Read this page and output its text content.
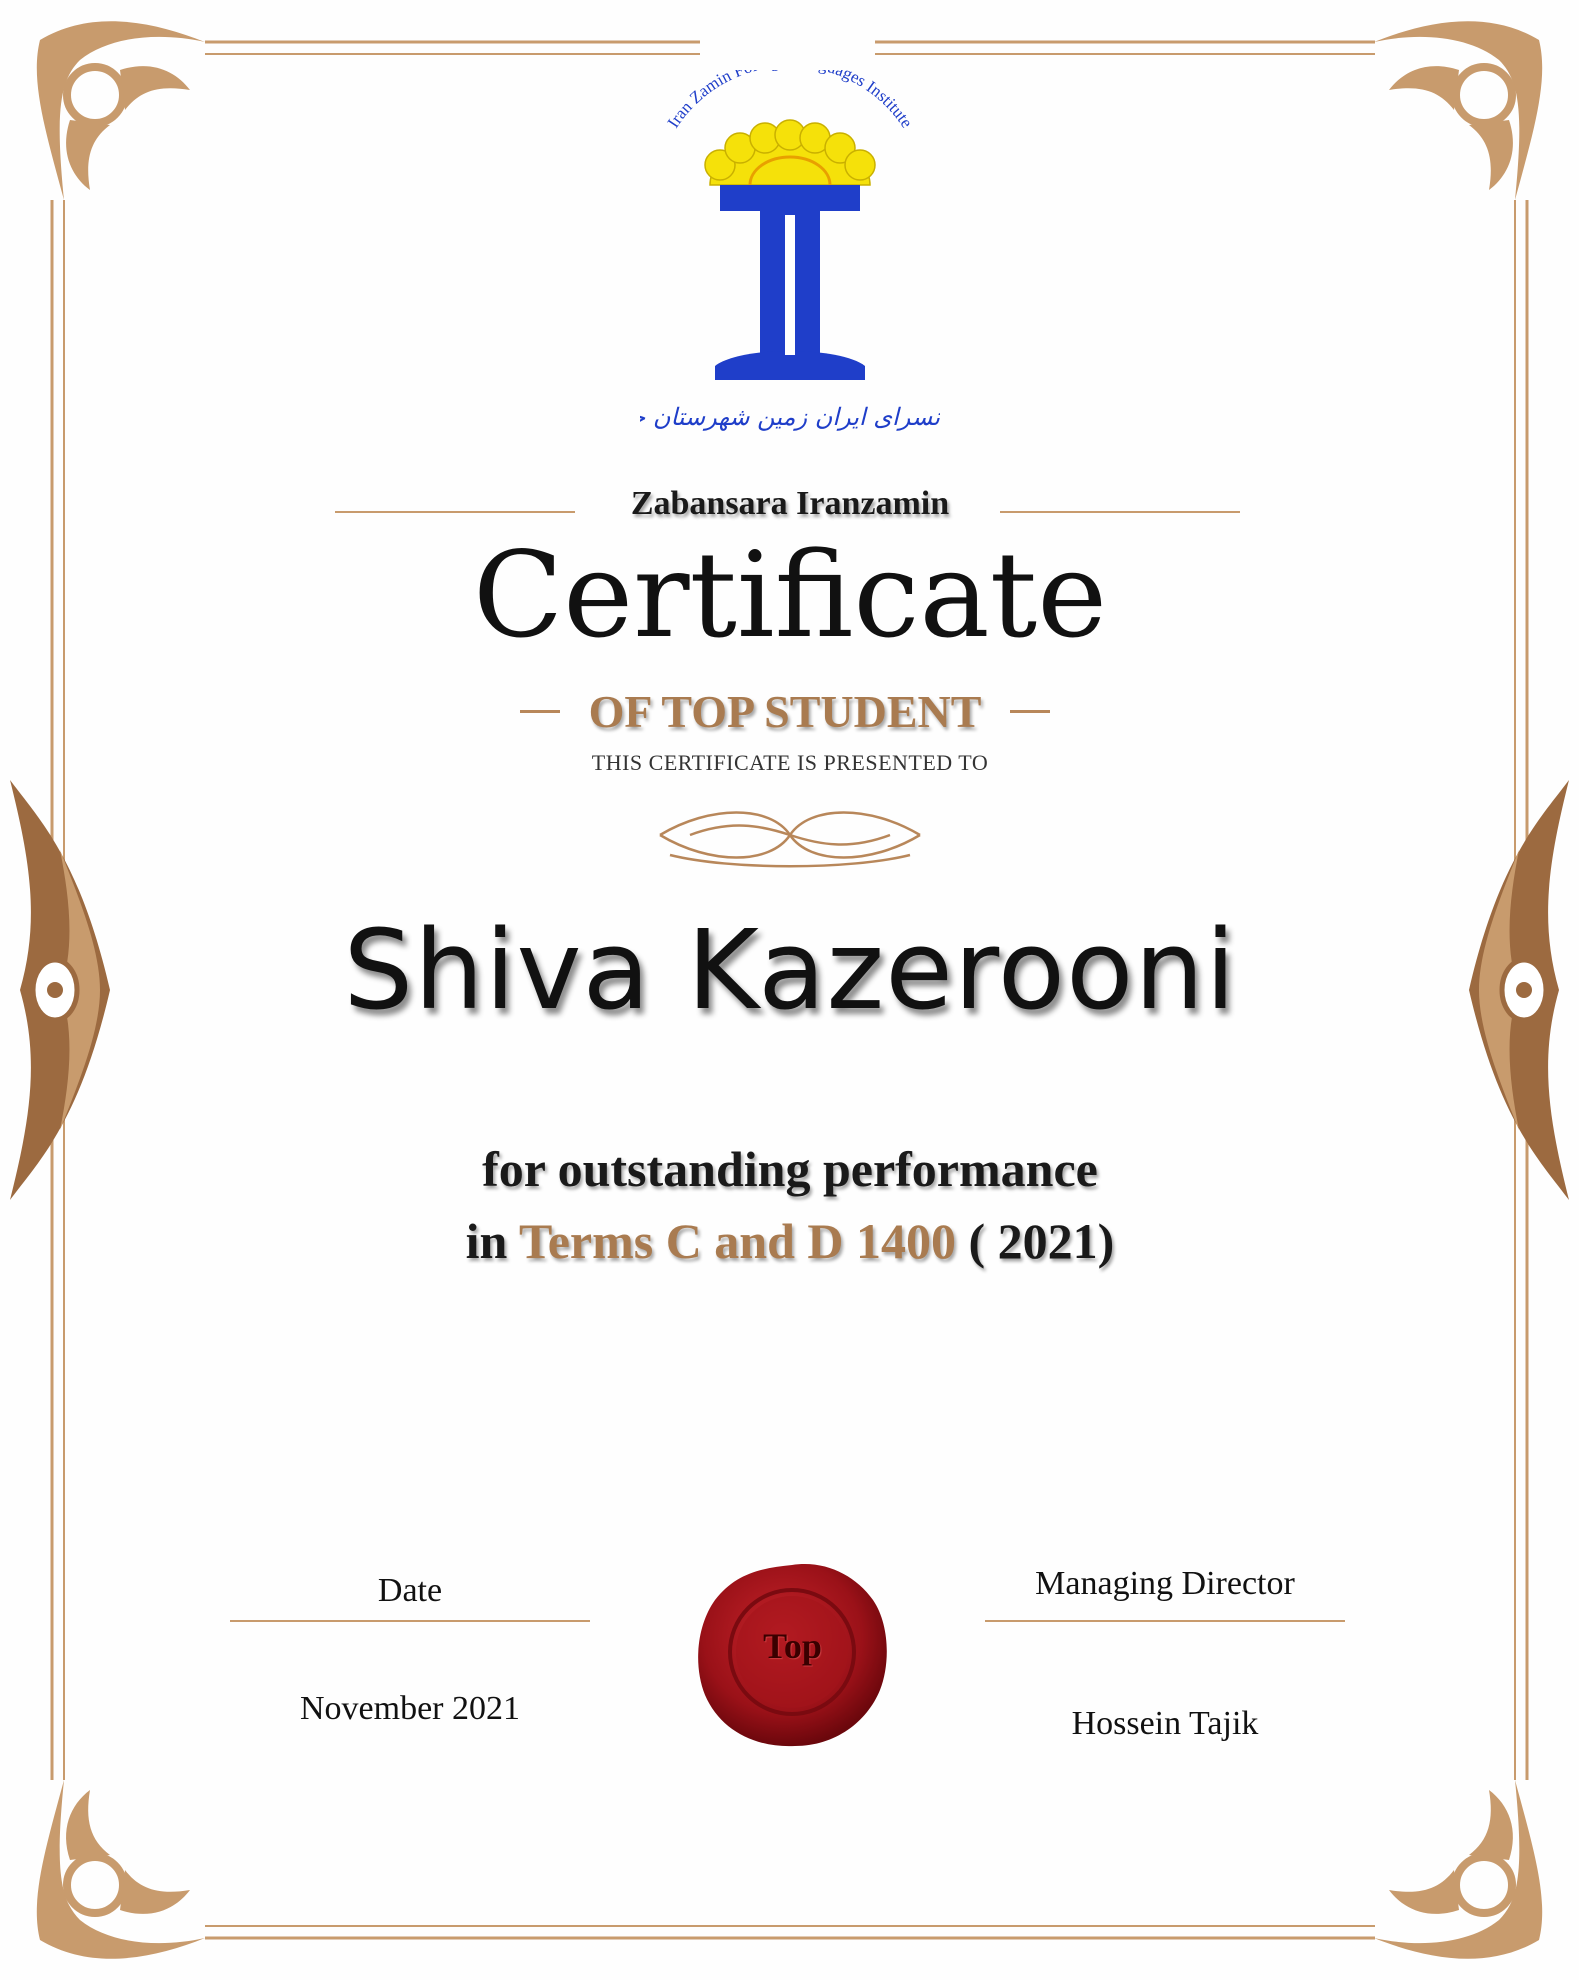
Iran Zamin F ages Institute
نسرای ایران زمین شهرستان
Zabansara Iranzamin
Certificate
OF TOP STUDENT
THIS CERTIFICATE IS PRESENTED TO
Shiva Kazerooni
for outstanding performance
in Terms C and D 1400 ( 2021)
Date
November 2021
Top
Managing Director
Hossein Tajik
